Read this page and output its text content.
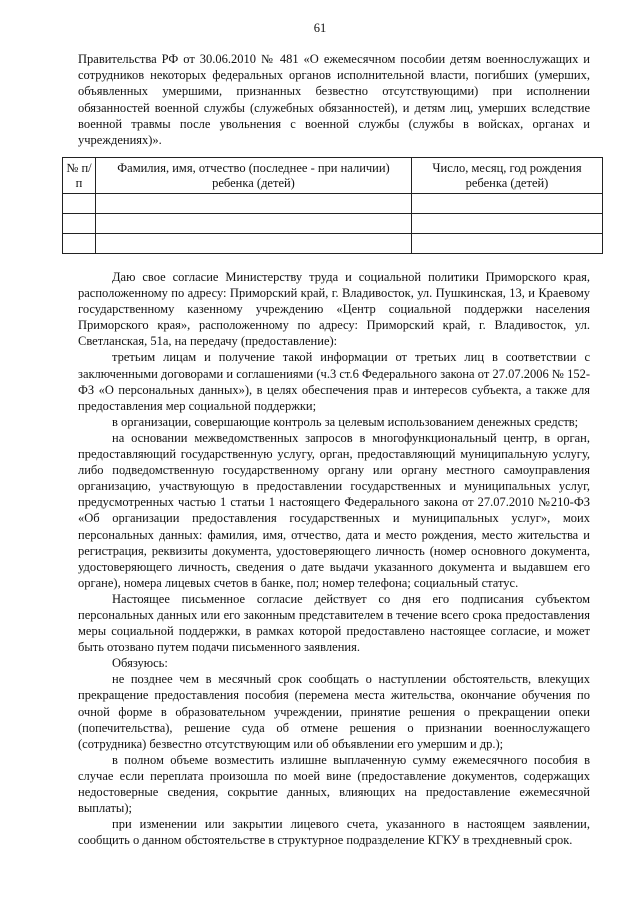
61

Правительства РФ от 30.06.2010 № 481 «О ежемесячном пособии детям военнослужащих и сотрудников некоторых федеральных органов исполнительной власти, погибших (умерших, объявленных умершими, признанных безвестно отсутствующими) при исполнении обязанностей военной службы (служебных обязанностей), и детям лиц, умерших вследствие военной травмы после увольнения с военной службы (службы в войсках, органах и учреждениях)».

№ п/п	Фамилия, имя, отчество (последнее - при наличии) ребенка (детей)	Число, месяц, год рождения ребенка (детей)

Даю свое согласие Министерству труда и социальной политики Приморского края, расположенному по адресу: Приморский край, г. Владивосток, ул. Пушкинская, 13, и Краевому государственному казенному учреждению «Центр социальной поддержки населения Приморского края», расположенному по адресу: Приморский край, г. Владивосток, ул. Светланская, 51а, на передачу (предоставление):

третьим лицам и получение такой информации от третьих лиц в соответствии с заключенными договорами и соглашениями (ч.3 ст.6 Федерального закона от 27.07.2006 № 152-ФЗ «О персональных данных»), в целях обеспечения прав и интересов субъекта, а также для предоставления мер социальной поддержки;

в организации, совершающие контроль за целевым использованием денежных средств;

на основании межведомственных запросов в многофункциональный центр, в орган, предоставляющий государственную услугу, орган, предоставляющий муниципальную услугу, либо подведомственную государственному органу или органу местного самоуправления организацию, участвующую в предоставлении государственных и муниципальных услуг, предусмотренных частью 1 статьи 1 настоящего Федерального закона от 27.07.2010 №210-ФЗ «Об организации предоставления государственных и муниципальных услуг», моих персональных данных: фамилия, имя, отчество, дата и место рождения, место жительства и регистрация, реквизиты документа, удостоверяющего личность (номер основного документа, удостоверяющего личность, сведения о дате выдачи указанного документа и выдавшем его органе), номера лицевых счетов в банке, пол; номер телефона; социальный статус.

Настоящее письменное согласие действует со дня его подписания субъектом персональных данных или его законным представителем в течение всего срока предоставления меры социальной поддержки, в рамках которой предоставлено настоящее согласие, и может быть отозвано путем подачи письменного заявления.

Обязуюсь:

не позднее чем в месячный срок сообщать о наступлении обстоятельств, влекущих прекращение предоставления пособия (перемена места жительства, окончание обучения по очной форме в образовательном учреждении, принятие решения о прекращении опеки (попечительства), решение суда об отмене решения о признании военнослужащего (сотрудника) безвестно отсутствующим или об объявлении его умершим и др.);

в полном объеме возместить излишне выплаченную сумму ежемесячного пособия в случае если переплата произошла по моей вине (предоставление документов, содержащих недостоверные сведения, сокрытие данных, влияющих на предоставление ежемесячной выплаты);

при изменении или закрытии лицевого счета, указанного в настоящем заявлении, сообщить о данном обстоятельстве в структурное подразделение КГКУ в трехдневный срок.
